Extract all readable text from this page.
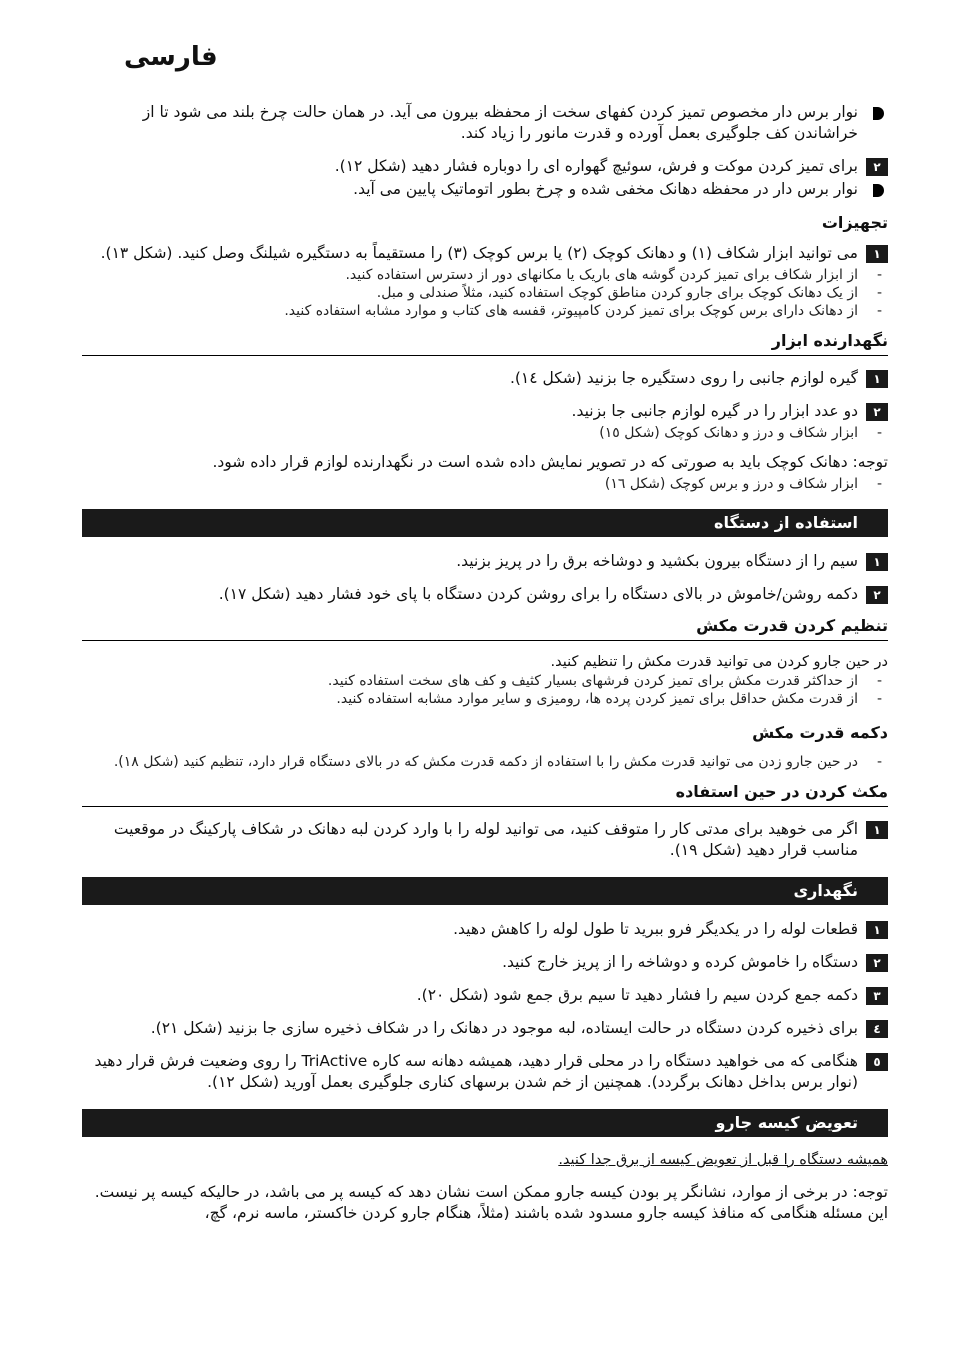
فارسی
نوار برس دار مخصوص تمیز کردن کفهای سخت از محفظه بیرون می آید. در همان حالت چرخ بلند می شود تا از خراشاندن کف جلوگیری بعمل آورده و قدرت مانور را زیاد کند.
٢
برای تمیز کردن موکت و فرش، سوئیچ گهواره ای را دوباره فشار دهید (شکل ١٢).
نوار برس دار در محفظه دهانک مخفی شده و چرخ بطور اتوماتیک پایین می آید.
تجهیزات
١
می توانید ابزار شکاف (١) و دهانک کوچک (٢) یا برس کوچک (٣) را مستقیماً به دستگیره شیلنگ وصل کنید. (شکل ١٣).
-
از ابزار شکاف برای تمیز کردن گوشه های باریک یا مکانهای دور از دسترس استفاده کنید.
-
از یک دهانک کوچک برای جارو کردن مناطق کوچک استفاده کنید، مثلاً صندلی و مبل.
-
از دهانک دارای برس کوچک برای تمیز کردن کامپیوتر، قفسه های کتاب و موارد مشابه استفاده کنید.
نگهدارنده ابزار
١
گیره لوازم جانبی را روی دستگیره جا بزنید (شکل ١٤).
٢
دو عدد ابزار را در گیره لوازم جانبی جا بزنید.
-
ابزار شکاف و درز و دهانک کوچک (شکل ١٥)
توجه: دهانک کوچک باید به صورتی که در تصویر نمایش داده شده است در نگهدارنده لوازم قرار داده شود.
-
ابزار شکاف و درز و برس کوچک (شکل ١٦)
استفاده از دستگاه
١
سیم را از دستگاه بیرون بکشید و دوشاخه برق را در پریز بزنید.
٢
دکمه روشن/خاموش در بالای دستگاه را برای روشن کردن دستگاه با پای خود فشار دهید (شکل ١٧).
تنظیم کردن قدرت مکش
در حین جارو کردن می توانید قدرت مکش را تنظیم کنید.
-
از حداکثر قدرت مکش برای تمیز کردن فرشهای بسیار کثیف و کف های سخت استفاده کنید.
-
از قدرت مکش حداقل برای تمیز کردن پرده ها، رومیزی و سایر موارد مشابه استفاده کنید.
دکمه قدرت مکش
-
در حین جارو زدن می توانید قدرت مکش را با استفاده از دکمه قدرت مکش که در بالای دستگاه قرار دارد، تنظیم کنید (شکل ١٨).
مکث کردن در حین استفاده
١
اگر می خوهید برای مدتی کار را متوقف کنید، می توانید لوله را با وارد کردن لبه دهانک در شکاف پارکینگ در موقعیت مناسب قرار دهید (شکل ١٩).
نگهداری
١
قطعات لوله را در یکدیگر فرو ببرید تا طول لوله را کاهش دهید.
٢
دستگاه را خاموش کرده و دوشاخه را از پریز خارج کنید.
٣
دکمه جمع کردن سیم را فشار دهید تا سیم برق جمع شود (شکل ٢٠).
٤
برای ذخیره کردن دستگاه در حالت ایستاده، لبه موجود در دهانک را در شکاف ذخیره سازی جا بزنید (شکل ٢١).
٥
هنگامی که می خواهید دستگاه را در محلی قرار دهید، همیشه دهانه سه کاره TriActive را روی وضعیت فرش قرار دهید (نوار برس بداخل دهانک برگردد). همچنین از خم شدن برسهای کناری جلوگیری بعمل آورید (شکل ١٢).
تعویض کیسه جارو
همیشه دستگاه را قبل از تعویض کیسه از برق جدا کنید.
توجه: در برخی از موارد، نشانگر پر بودن کیسه جارو ممکن است نشان دهد که کیسه پر می باشد، در حالیکه کیسه پر نیست. این مسئله هنگامی که منافذ کیسه جارو مسدود شده باشند (مثلاً، هنگام جارو کردن خاکستر، ماسه نرم، گچ،
